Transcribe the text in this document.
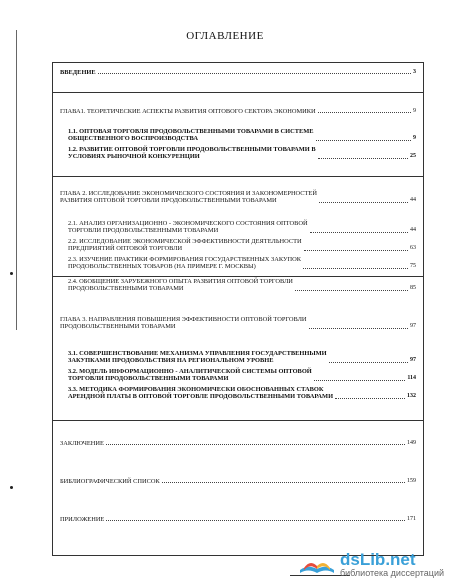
ОГЛАВЛЕНИЕ
ВВЕДЕНИЕ	3
ГЛАВА1. ТЕОРЕТИЧЕСКИЕ АСПЕКТЫ РАЗВИТИЯ ОПТОВОГО СЕКТОРА ЭКОНОМИКИ	9
1.1. ОПТОВАЯ ТОРГОВЛЯ ПРОДОВОЛЬСТВЕННЫМИ ТОВАРАМИ В СИСТЕМЕ
ОБЩЕСТВЕННОГО ВОСПРОИЗВОДСТВА	9
1.2. РАЗВИТИЕ ОПТОВОЙ ТОРГОВЛИ ПРОДОВОЛЬСТВЕННЫМИ ТОВАРАМИ В
УСЛОВИЯХ РЫНОЧНОЙ КОНКУРЕНЦИИ	25
ГЛАВА 2. ИССЛЕДОВАНИЕ ЭКОНОМИЧЕСКОГО СОСТОЯНИЯ И ЗАКОНОМЕРНОСТЕЙ
РАЗВИТИЯ ОПТОВОЙ ТОРГОВЛИ ПРОДОВОЛЬСТВЕННЫМИ ТОВАРАМИ	44
2.1. АНАЛИЗ ОРГАНИЗАЦИОННО - ЭКОНОМИЧЕСКОГО СОСТОЯНИЯ ОПТОВОЙ
ТОРГОВЛИ ПРОДОВОЛЬСТВЕННЫМИ ТОВАРАМИ	44
2.2. ИССЛЕДОВАНИЕ ЭКОНОМИЧЕСКОЙ ЭФФЕКТИВНОСТИ ДЕЯТЕЛЬНОСТИ
ПРЕДПРИЯТИЙ ОПТОВОЙ ТОРГОВЛИ	63
2.3. ИЗУЧЕНИЕ ПРАКТИКИ ФОРМИРОВАНИЯ ГОСУДАРСТВЕННЫХ ЗАКУПОК
ПРОДОВОЛЬСТВЕННЫХ ТОВАРОВ (НА ПРИМЕРЕ Г. МОСКВЫ)	75
2.4. ОБОБЩЕНИЕ ЗАРУБЕЖНОГО ОПЫТА РАЗВИТИЯ ОПТОВОЙ ТОРГОВЛИ
ПРОДОВОЛЬСТВЕННЫМИ ТОВАРАМИ	85
ГЛАВА 3. НАПРАВЛЕНИЯ ПОВЫШЕНИЯ ЭФФЕКТИВНОСТИ ОПТОВОЙ ТОРГОВЛИ
ПРОДОВОЛЬСТВЕННЫМИ ТОВАРАМИ	97
3.1. СОВЕРШЕНСТВОВАНИЕ МЕХАНИЗМА УПРАВЛЕНИЯ ГОСУДАРСТВЕННЫМИ
ЗАКУПКАМИ ПРОДОВОЛЬСТВИЯ НА РЕГИОНАЛЬНОМ УРОВНЕ	97
3.2. МОДЕЛЬ ИНФОРМАЦИОННО - АНАЛИТИЧЕСКОЙ СИСТЕМЫ ОПТОВОЙ
ТОРГОВЛИ ПРОДОВОЛЬСТВЕННЫМИ ТОВАРАМИ	114
3.3. МЕТОДИКА ФОРМИРОВАНИЯ ЭКОНОМИЧЕСКИ ОБОСНОВАННЫХ СТАВОК
АРЕНДНОЙ ПЛАТЫ В ОПТОВОЙ ТОРГОВЛЕ ПРОДОВОЛЬСТВЕННЫМИ ТОВАРАМИ	132
ЗАКЛЮЧЕНИЕ	149
БИБЛИОГРАФИЧЕСКИЙ СПИСОК	159
ПРИЛОЖЕНИЕ	171
dsLib.net
библиотека диссертаций
